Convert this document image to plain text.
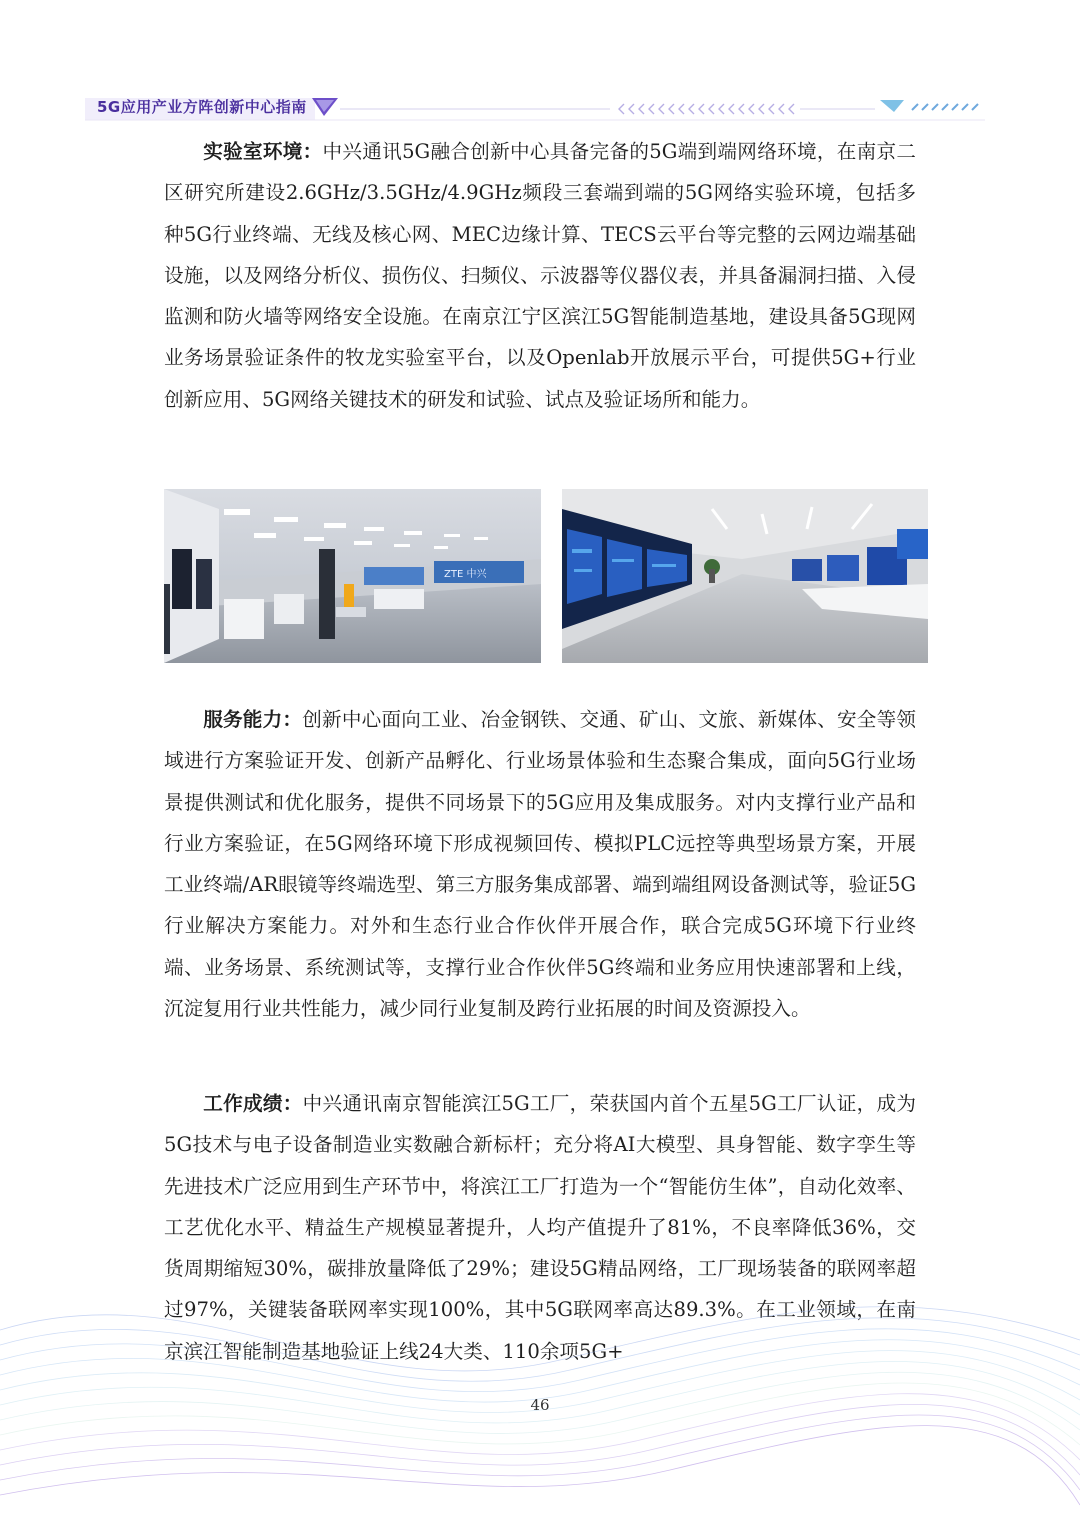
5G应用产业方阵创新中心指南

实验室环境：中兴通讯5G融合创新中心具备完备的5G端到端网络环境，在南京二区研究所建设2.6GHz/3.5GHz/4.9GHz频段三套端到端的5G网络实验环境，包括多种5G行业终端、无线及核心网、MEC边缘计算、TECS云平台等完整的云网边端基础设施，以及网络分析仪、损伤仪、扫频仪、示波器等仪器仪表，并具备漏洞扫描、入侵监测和防火墙等网络安全设施。在南京江宁区滨江5G智能制造基地，建设具备5G现网业务场景验证条件的牧龙实验室平台，以及Openlab开放展示平台，可提供5G+行业创新应用、5G网络关键技术的研发和试验、试点及验证场所和能力。

ZTE 中兴

服务能力：创新中心面向工业、冶金钢铁、交通、矿山、文旅、新媒体、安全等领域进行方案验证开发、创新产品孵化、行业场景体验和生态聚合集成，面向5G行业场景提供测试和优化服务，提供不同场景下的5G应用及集成服务。对内支撑行业产品和行业方案验证，在5G网络环境下形成视频回传、模拟PLC远控等典型场景方案，开展工业终端/AR眼镜等终端选型、第三方服务集成部署、端到端组网设备测试等，验证5G行业解决方案能力。对外和生态行业合作伙伴开展合作，联合完成5G环境下行业终端、业务场景、系统测试等，支撑行业合作伙伴5G终端和业务应用快速部署和上线，沉淀复用行业共性能力，减少同行业复制及跨行业拓展的时间及资源投入。

工作成绩：中兴通讯南京智能滨江5G工厂，荣获国内首个五星5G工厂认证，成为5G技术与电子设备制造业实数融合新标杆；充分将AI大模型、具身智能、数字孪生等先进技术广泛应用到生产环节中，将滨江工厂打造为一个“智能仿生体”，自动化效率、工艺优化水平、精益生产规模显著提升，人均产值提升了81%，不良率降低36%，交货周期缩短30%，碳排放量降低了29%；建设5G精品网络，工厂现场装备的联网率超过97%，关键装备联网率实现100%，其中5G联网率高达89.3%。在工业领域，在南京滨江智能制造基地验证上线24大类、110余项5G+

46
